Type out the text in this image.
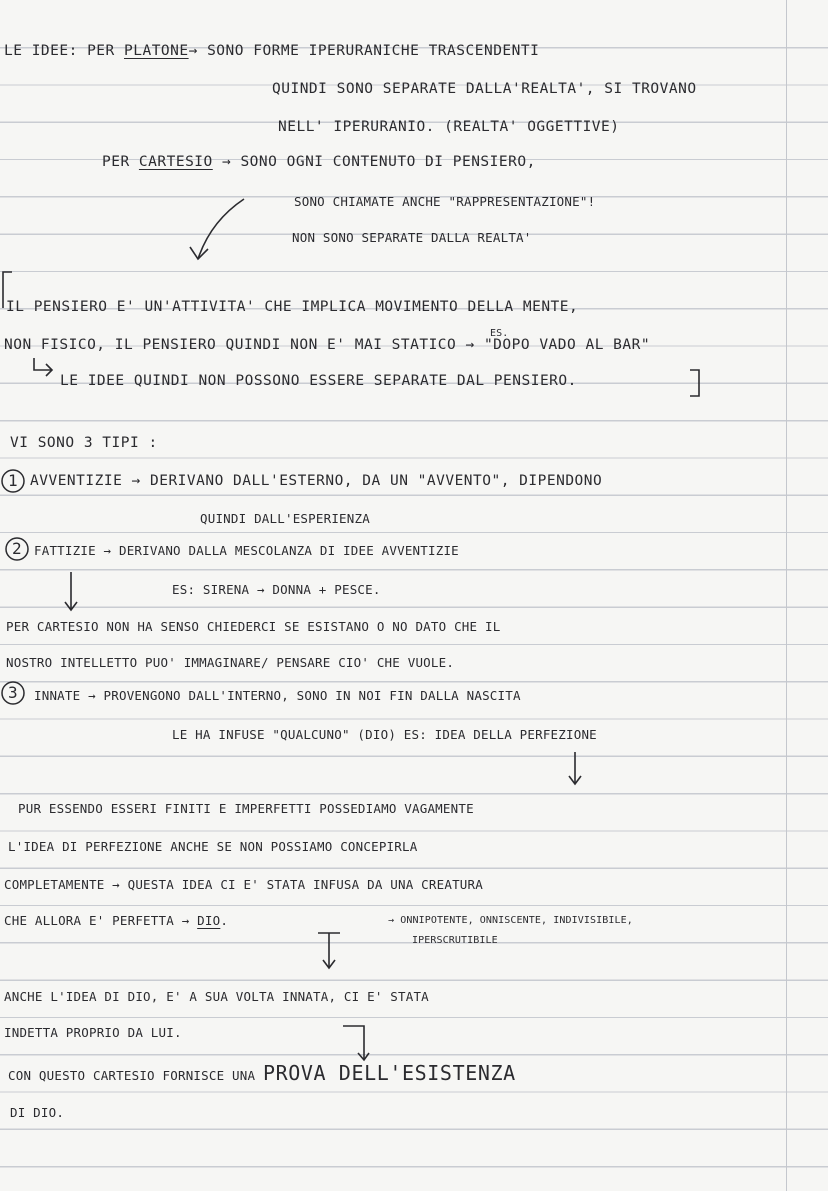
LE IDEE: PER PLATONE→ SONO FORME IPERURANICHE TRASCENDENTI
QUINDI SONO SEPARATE DALLA'REALTA', SI TROVANO
NELL' IPERURANIO. (REALTA' OGGETTIVE)
PER CARTESIO → SONO OGNI CONTENUTO DI PENSIERO,
SONO CHIAMATE ANCHE "RAPPRESENTAZIONE"!
NON SONO SEPARATE DALLA REALTA'
IL PENSIERO E' UN'ATTIVITA' CHE IMPLICA MOVIMENTO DELLA MENTE,
NON FISICO, IL PENSIERO QUINDI NON E' MAI STATICO →
ES.
"DOPO VADO AL BAR"
LE IDEE QUINDI NON POSSONO ESSERE SEPARATE DAL PENSIERO.
VI SONO 3 TIPI :
1 AVVENTIZIE → DERIVANO DALL'ESTERNO, DA UN "AVVENTO", DIPENDONO
QUINDI DALL'ESPERIENZA
2 FATTIZIE → DERIVANO DALLA MESCOLANZA DI IDEE AVVENTIZIE
ES: SIRENA → DONNA + PESCE.
PER CARTESIO NON HA SENSO CHIEDERCI SE ESISTANO O NO DATO CHE IL
NOSTRO INTELLETTO PUO' IMMAGINARE/ PENSARE CIO' CHE VUOLE.
3 INNATE → PROVENGONO DALL'INTERNO, SONO IN NOI FIN DALLA NASCITA
LE HA INFUSE "QUALCUNO" (DIO) ES: IDEA DELLA PERFEZIONE
PUR ESSENDO ESSERI FINITI E IMPERFETTI POSSEDIAMO VAGAMENTE
L'IDEA DI PERFEZIONE ANCHE SE NON POSSIAMO CONCEPIRLA
COMPLETAMENTE → QUESTA IDEA CI E' STATA INFUSA DA UNA CREATURA
CHE ALLORA E' PERFETTA → DIO.	→ ONNIPOTENTE, ONNISCENTE, INDIVISIBILE,
IPERSCRUTIBILE
ANCHE L'IDEA DI DIO, E' A SUA VOLTA INNATA, CI E' STATA
INDETTA PROPRIO DA LUI.
CON QUESTO CARTESIO FORNISCE UNA PROVA DELL'ESISTENZA
DI DIO.
